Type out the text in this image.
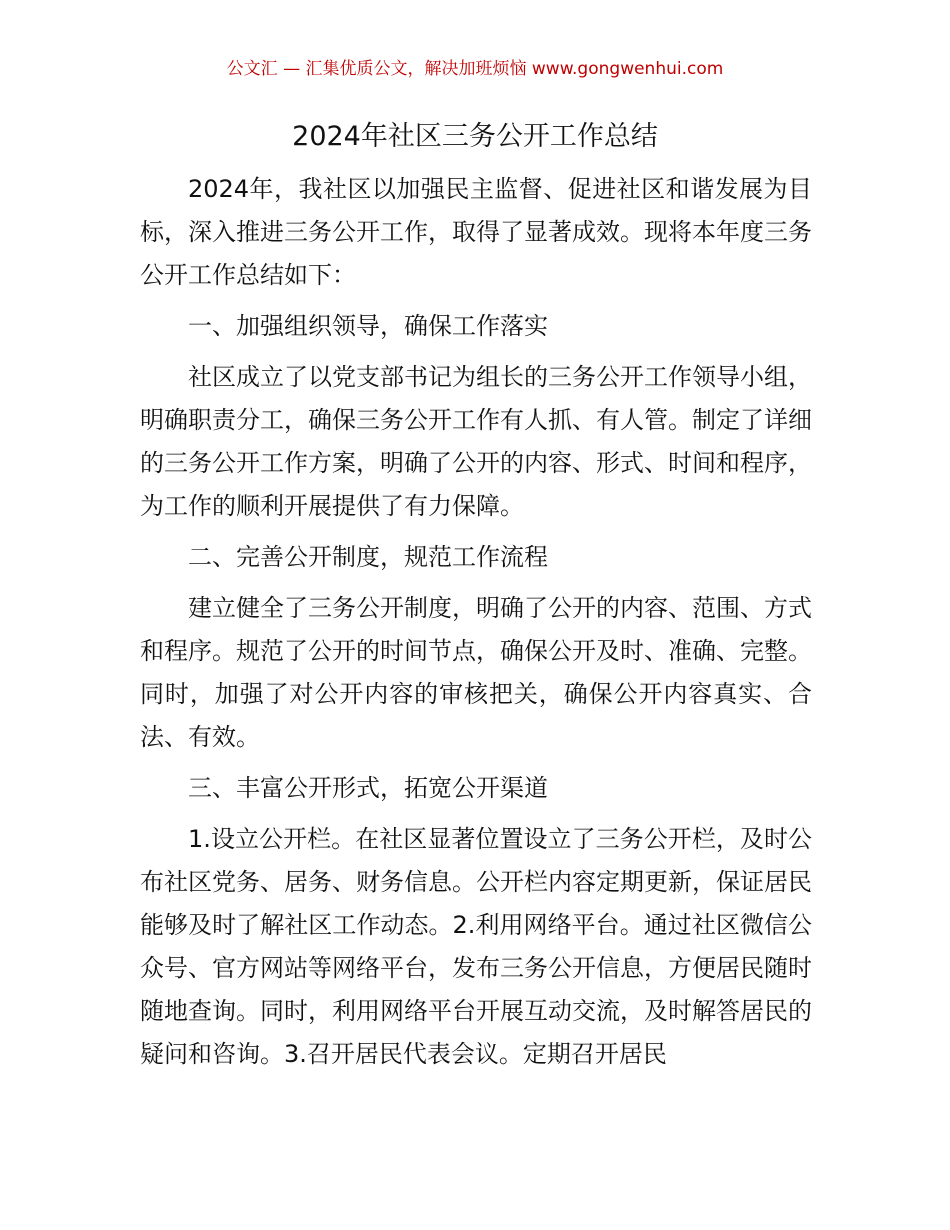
公文汇 — 汇集优质公文，解决加班烦恼 www.gongwenhui.com
2024年社区三务公开工作总结

2024年，我社区以加强民主监督、促进社区和谐发展为目标，深入推进三务公开工作，取得了显著成效。现将本年度三务公开工作总结如下：

一、加强组织领导，确保工作落实

社区成立了以党支部书记为组长的三务公开工作领导小组，明确职责分工，确保三务公开工作有人抓、有人管。制定了详细的三务公开工作方案，明确了公开的内容、形式、时间和程序，为工作的顺利开展提供了有力保障。

二、完善公开制度，规范工作流程

建立健全了三务公开制度，明确了公开的内容、范围、方式和程序。规范了公开的时间节点，确保公开及时、准确、完整。同时，加强了对公开内容的审核把关，确保公开内容真实、合法、有效。

三、丰富公开形式，拓宽公开渠道

1.设立公开栏。在社区显著位置设立了三务公开栏，及时公布社区党务、居务、财务信息。公开栏内容定期更新，保证居民能够及时了解社区工作动态。2.利用网络平台。通过社区微信公众号、官方网站等网络平台，发布三务公开信息，方便居民随时随地查询。同时，利用网络平台开展互动交流，及时解答居民的疑问和咨询。3.召开居民代表会议。定期召开居民
